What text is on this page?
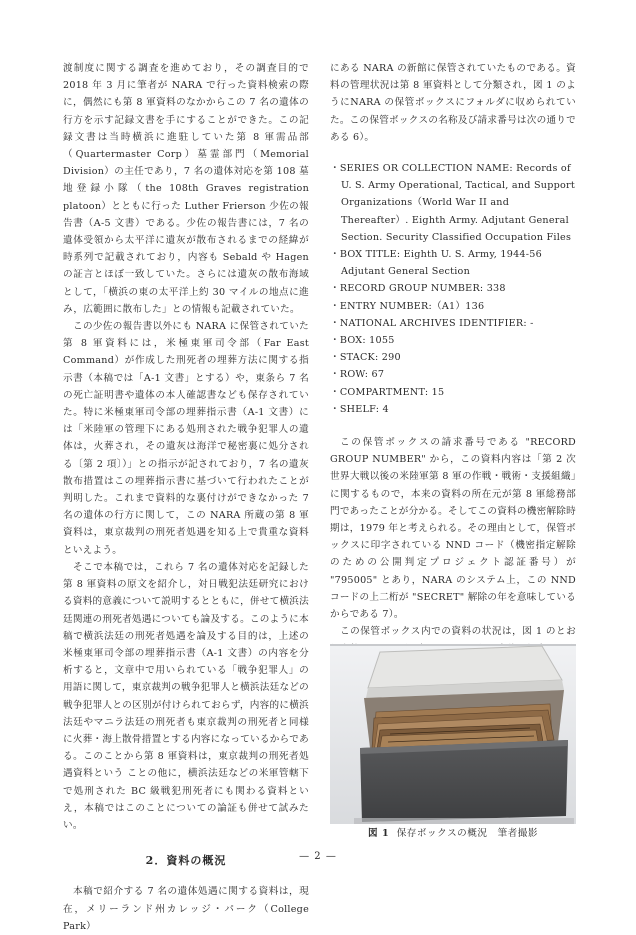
渡制度に関する調査を進めており，その調査目的で 2018 年 3 月に筆者が NARA で行った資料検索の際に，偶然にも第 8 軍資料のなかからこの 7 名の遺体の行方を示す記録文書を手にすることができた。この記録文書は当時横浜に進駐していた第 8 軍需品部（Quartermaster Corp）墓霊部門（Memorial Division）の主任であり，7 名の遺体対応を第 108 墓地登録小隊（the 108th Graves registration platoon）とともに行った Luther Frierson 少佐の報告書（A-5 文書）である。少佐の報告書には，7 名の遺体受領から太平洋に遺灰が散布されるまでの経緯が時系列で記載されており，内容も Sebald や Hagen の証言とほぼ一致していた。さらには遺灰の散布海域として，「横浜の東の太平洋上約 30 マイルの地点に進み，広範囲に散布した」との情報も記載されていた。

この少佐の報告書以外にも NARA に保管されていた第 8 軍資料には，米極東軍司令部（Far East Command）が作成した刑死者の埋葬方法に関する指示書（本稿では「A-1 文書」とする）や，東条ら 7 名の死亡証明書や遺体の本人確認書なども保存されていた。特に米極東軍司令部の埋葬指示書（A-1 文書）には「米陸軍の管理下にある処刑された戦争犯罪人の遺体は，火葬され，その遺灰は海洋で秘密裏に処分される〔第 2 項〕）」との指示が記されており，7 名の遺灰散布措置はこの埋葬指示書に基づいて行われたことが判明した。これまで資料的な裏付けができなかった 7 名の遺体の行方に関して，この NARA 所蔵の第 8 軍資料は，東京裁判の刑死者処遇を知る上で貴重な資料といえよう。

そこで本稿では，これら 7 名の遺体対応を記録した第 8 軍資料の原文を紹介し，対日戦犯法廷研究における資料的意義について説明するとともに，併せて横浜法廷関連の刑死者処遇についても論及する。このように本稿で横浜法廷の刑死者処遇を論及する目的は，上述の米極東軍司令部の埋葬指示書（A-1 文書）の内容を分析すると，文章中で用いられている「戦争犯罪人」の用語に関して，東京裁判の戦争犯罪人と横浜法廷などの戦争犯罪人との区別が付けられておらず，内容的に横浜法廷やマニラ法廷の刑死者も東京裁判の刑死者と同様に火葬・海上散骨措置とする内容になっているからである。このことから第 8 軍資料は，東京裁判の刑死者処遇資料という ことの他に，横浜法廷などの米軍管轄下で処刑された BC 級戦犯刑死者にも関わる資料といえ，本稿ではこのことについての論証も併せて試みたい。

2．資料の概況

本稿で紹介する 7 名の遺体処遇に関する資料は，現在，メリーランド州カレッジ・パーク（College Park）

にある NARA の新館に保管されていたものである。資料の管理状況は第 8 軍資料として分類され，図 1 のようにNARA の保管ボックスにフォルダに収められていた。この保管ボックスの名称及び請求番号は次の通りである 6）。

・SERIES OR COLLECTION NAME: Records of U. S. Army Operational, Tactical, and Support Organizations（World War II and Thereafter）. Eighth Army. Adjutant General Section. Security Classified Occupation Files
・BOX TITLE: Eighth U. S. Army, 1944-56 Adjutant General Section
・RECORD GROUP NUMBER: 338
・ENTRY NUMBER:（A1）136
・NATIONAL ARCHIVES IDENTIFIER: -
・BOX: 1055
・STACK: 290
・ROW: 67
・COMPARTMENT: 15
・SHELF: 4

この保管ボックスの請求番号である "RECORD GROUP NUMBER" から，この資料内容は「第 2 次世界大戦以後の米陸軍第 8 軍の作戦・戦術・支援組織」に関するもので，本来の資料の所在元が第 8 軍総務部門であったことが分かる。そしてこの資料の機密解除時期は，1979 年と考えられる。その理由として，保管ボックスに印字されている NND コード（機密指定解除のための公開判定プロジェクト認証番号）が "795005" とあり，NARA のシステム上，この NND コードの上二桁が "SECRET" 解除の年を意味しているからである 7）。

この保管ボックス内での資料の状況は，図 1 のとお

図 1 保存ボックスの概況　筆者撮影
— 2 —
